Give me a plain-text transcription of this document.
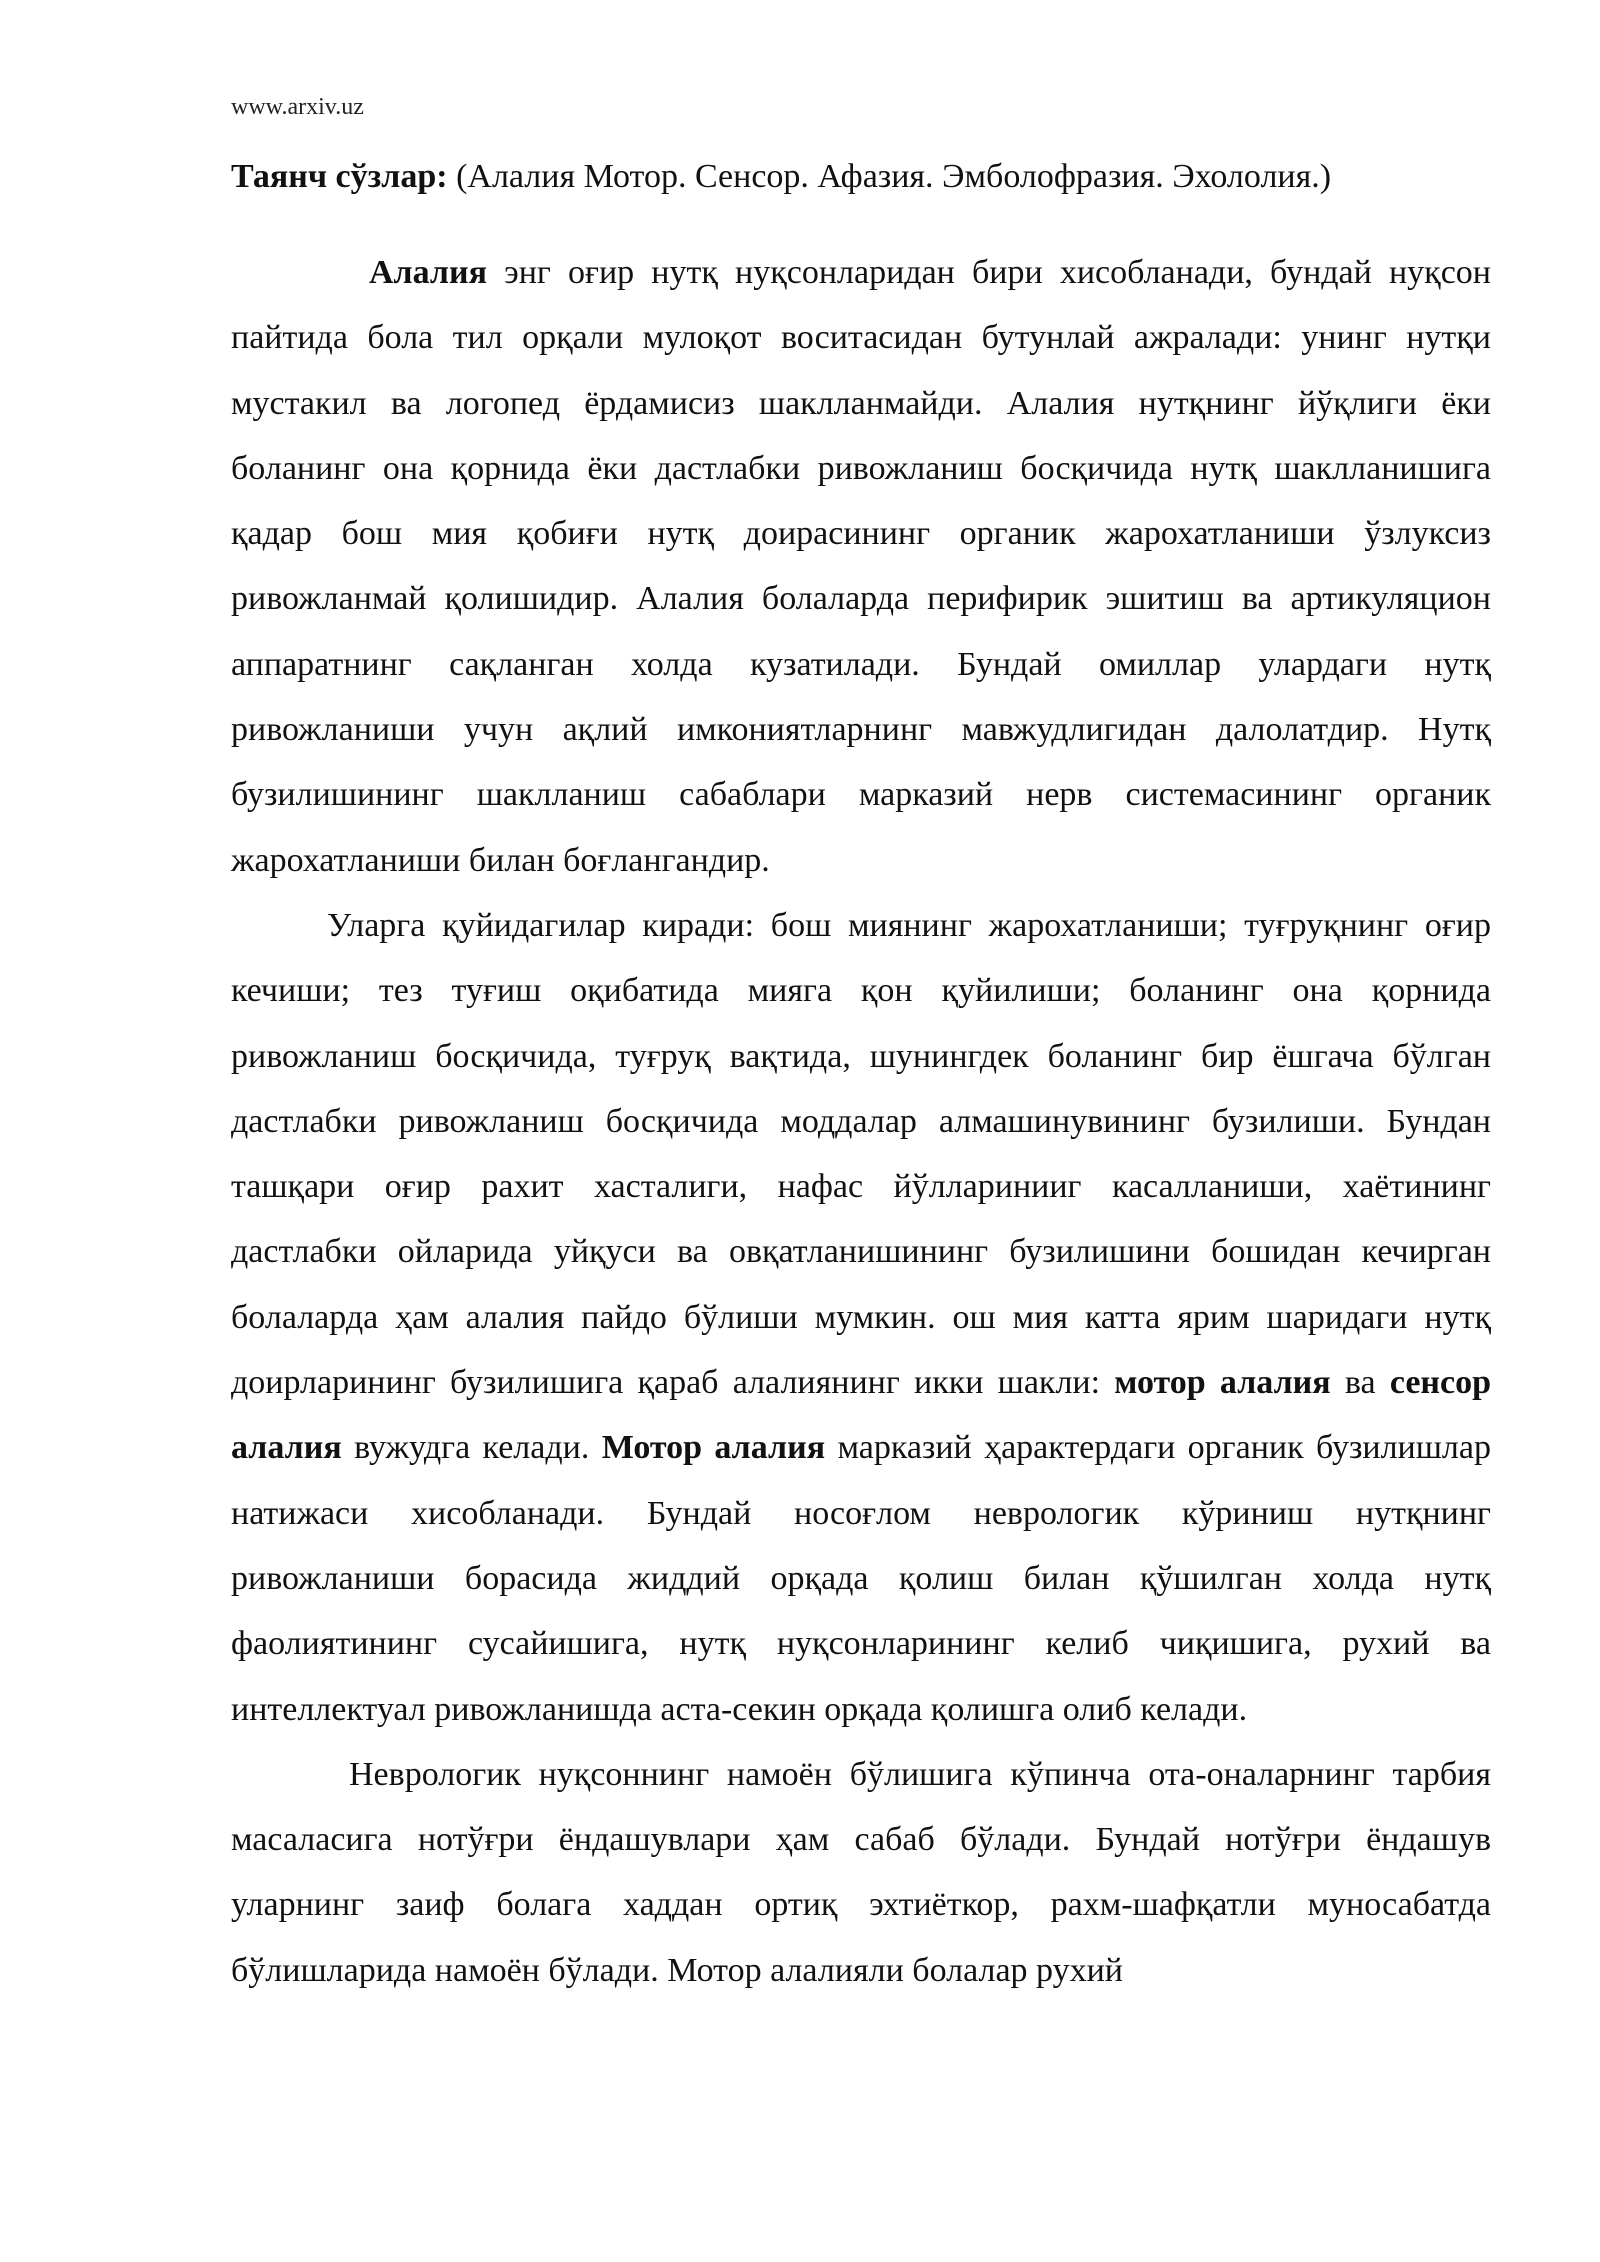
www.arxiv.uz
Таянч сўзлар: (Алалия Мотор. Сенсор. Афазия. Эмболофразия. Эхололия.)

Алалия энг оғир нутқ нуқсонларидан бири хисобланади, бундай нуқсон пайтида бола тил орқали мулоқот воситасидан бутунлай ажралади: унинг нутқи мустакил ва логопед ёрдамисиз шаклланмайди. Алалия нутқнинг йўқлиги ёки боланинг она қорнида ёки дастлабки ривожланиш босқичида нутқ шаклланишига қадар бош мия қобиғи нутқ доирасининг органик жарохатланиши ўзлуксиз ривожланмай қолишидир. Алалия болаларда перифирик эшитиш ва артикуляцион аппаратнинг сақланган холда кузатилади. Бундай омиллар улардаги нутқ ривожланиши учун ақлий имкониятларнинг мавжудлигидан далолатдир. Нутқ бузилишининг шаклланиш сабаблари марказий нерв системасининг органик жарохатланиши билан боғлангандир.

Уларга қуйидагилар киради: бош миянинг жарохатланиши; туғруқнинг оғир кечиши; тез туғиш оқибатида мияга қон қуйилиши; боланинг она қорнида ривожланиш босқичида, туғруқ вақтида, шунингдек боланинг бир ёшгача бўлган дастлабки ривожланиш босқичида моддалар алмашинувининг бузилиши. Бундан ташқари оғир рахит хасталиги, нафас йўлларинииг касалланиши, хаётининг дастлабки ойларида уйқуси ва овқатланишининг бузилишини бошидан кечирган болаларда ҳам алалия пайдо бўлиши мумкин. ош мия катта ярим шаридаги нутқ доирларининг бузилишига қараб алалиянинг икки шакли: мотор алалия ва сенсор алалия вужудга келади. Мотор алалия марказий ҳарактердаги органик бузилишлар натижаси хисобланади. Бундай носоғлом неврологик кўриниш нутқнинг ривожланиши борасида жиддий орқада қолиш билан қўшилган холда нутқ фаолиятининг сусайишига, нутқ нуқсонларининг келиб чиқишига, рухий ва интеллектуал ривожланишда аста-секин орқада қолишга олиб келади.

Неврологик нуқсоннинг намоён бўлишига кўпинча ота-оналарнинг тарбия масаласига нотўғри ёндашувлари ҳам сабаб бўлади. Бундай нотўғри ёндашув уларнинг заиф болага хаддан ортиқ эхтиёткор, рахм-шафқатли муносабатда бўлишларида намоён бўлади. Мотор алалияли болалар рухий
